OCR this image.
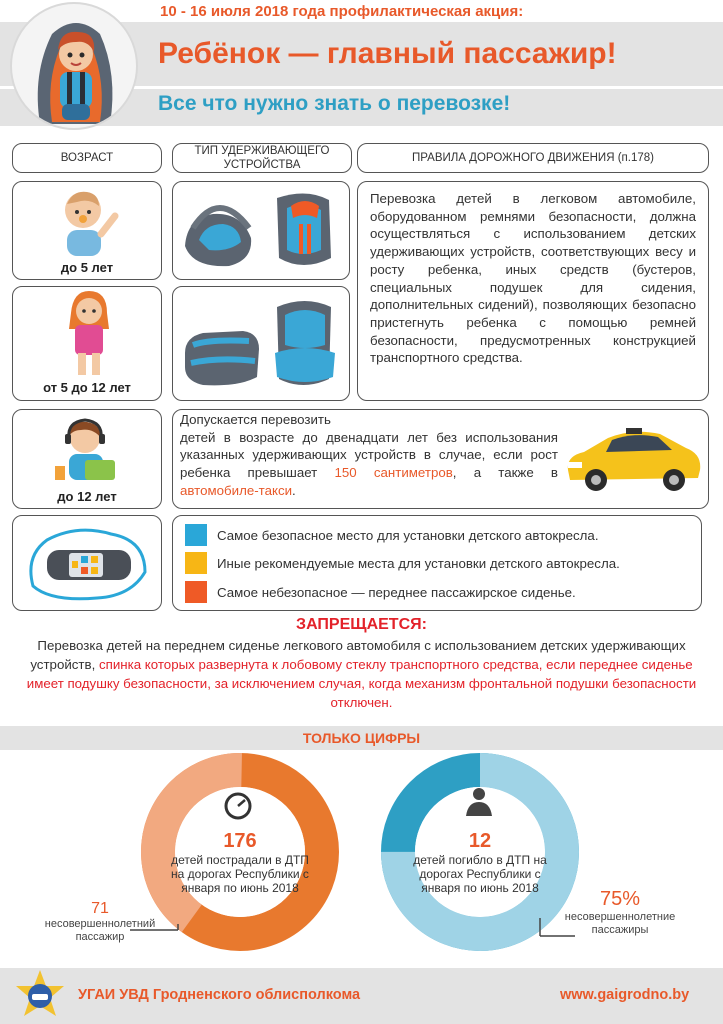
10 - 16 июля 2018 года профилактическая акция:
Ребёнок — главный пассажир!
Все что нужно знать о перевозке!
ВОЗРАСТ
ТИП УДЕРЖИВАЮЩЕГО УСТРОЙСТВА
ПРАВИЛА ДОРОЖНОГО ДВИЖЕНИЯ (п.178)
до 5 лет
от 5 до 12 лет
Перевозка детей в легковом автомобиле, оборудованном ремнями безопасности, должна осуществляться с использованием детских удерживающих устройств, соответствующих весу и росту ребенка, иных средств (бустеров, специальных подушек для сидения, дополнительных сидений), позволяющих безопасно пристегнуть ребенка с помощью ремней безопасности, предусмотренных конструкцией транспортного средства.
до 12 лет
Допускается перевозить
детей в возрасте до двенадцати лет без использования указанных удерживающих устройств в случае, если рост ребенка превышает 150 сантиметров, а также в автомобиле-такси.
Самое безопасное место для установки детского автокресла.
Иные рекомендуемые места для установки детского автокресла.
Самое небезопасное — переднее пассажирское сиденье.
ЗАПРЕЩАЕТСЯ:
Перевозка детей на переднем сиденье легкового автомобиля с использованием детских удерживающих устройств, спинка которых развернута к лобовому стеклу транспортного средства, если переднее сиденье имеет подушку безопасности, за исключением случая, когда механизм фронтальной подушки безопасности отключен.
ТОЛЬКО ЦИФРЫ
176
детей пострадали в ДТП на дорогах Республики с января по июнь 2018
12
детей погибло в ДТП на дорогах Республики с января по июнь 2018
71
несовершеннолетний пассажир
75%
несовершеннолетние пассажиры
УГАИ УВД Гродненского облисполкома	www.gaigrodno.by
